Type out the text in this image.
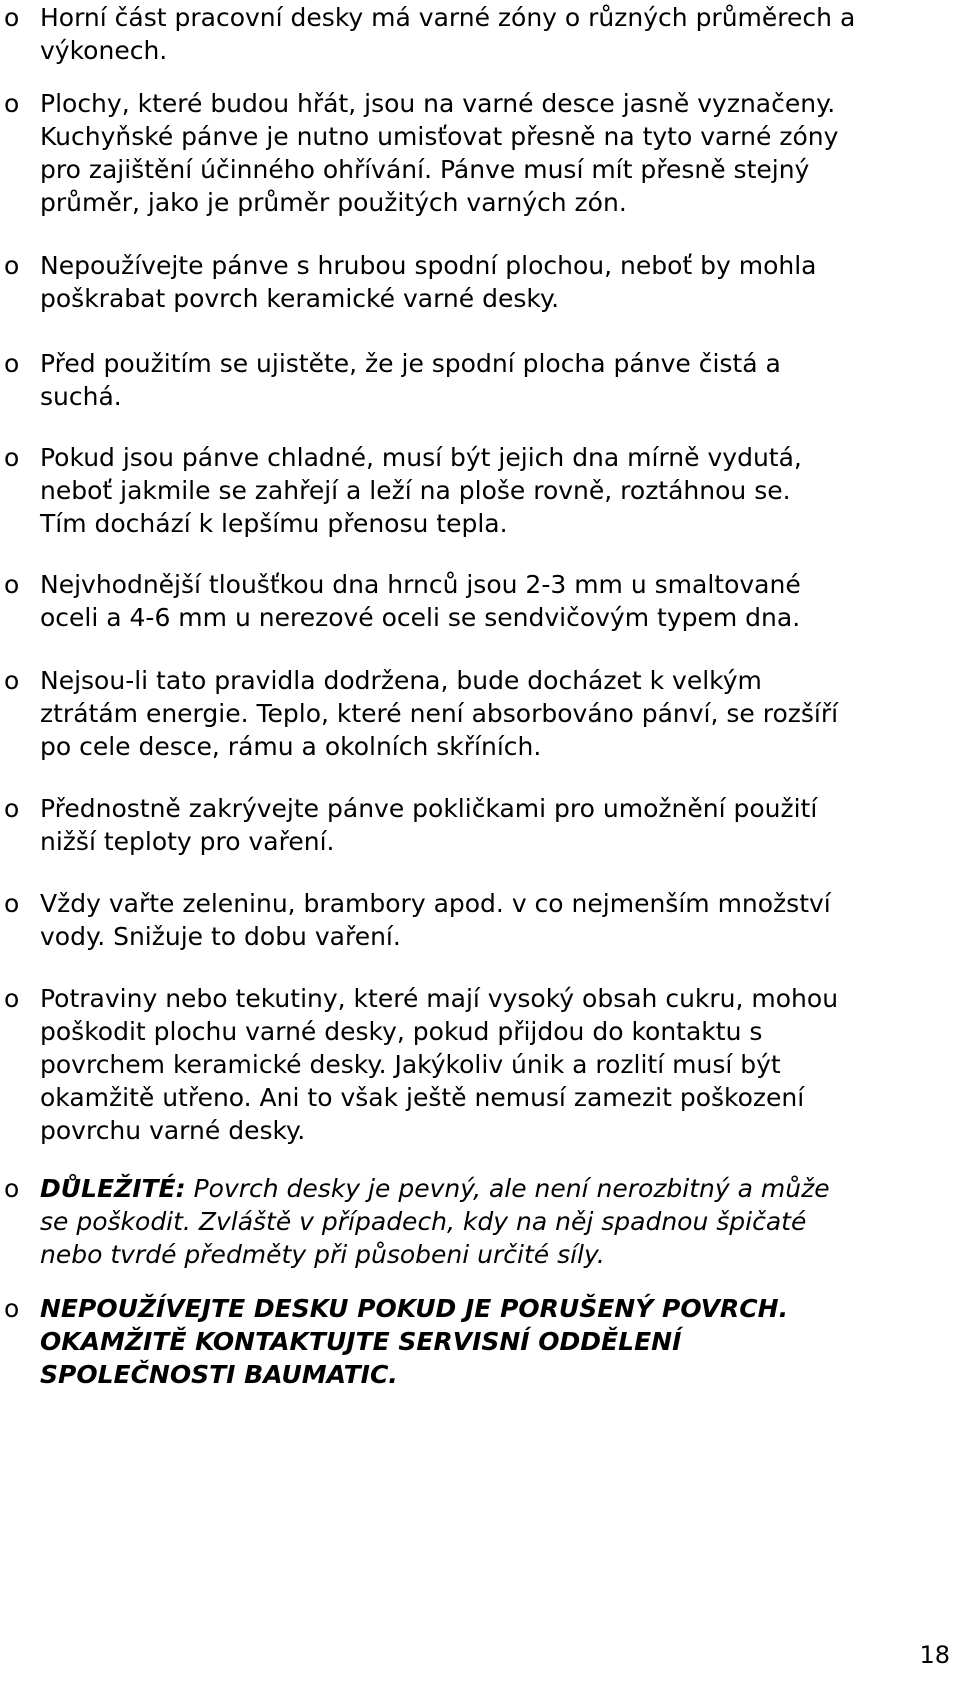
o Horní část pracovní desky má varné zóny o různých průměrech a
výkonech.
o Plochy, které budou hřát, jsou na varné desce jasně vyznačeny.
Kuchyňské pánve je nutno umisťovat přesně na tyto varné zóny
pro zajištění účinného ohřívání. Pánve musí mít přesně stejný
průměr, jako je průměr použitých varných zón.
o Nepoužívejte pánve s hrubou spodní plochou, neboť by mohla
poškrabat povrch keramické varné desky.
o Před použitím se ujistěte, že je spodní plocha pánve čistá a
suchá.
o Pokud jsou pánve chladné, musí být jejich dna mírně vydutá,
neboť jakmile se zahřejí a leží na ploše rovně, roztáhnou se.
Tím dochází k lepšímu přenosu tepla.
o Nejvhodnější tloušťkou dna hrnců jsou 2-3 mm u smaltované
oceli a 4-6 mm u nerezové oceli se sendvičovým typem dna.
o Nejsou-li tato pravidla dodržena, bude docházet k velkým
ztrátám energie. Teplo, které není absorbováno pánví, se rozšíří
po cele desce, rámu a okolních skříních.
o Přednostně zakrývejte pánve pokličkami pro umožnění použití
nižší teploty pro vaření.
o Vždy vařte zeleninu, brambory apod. v co nejmenším množství
vody. Snižuje to dobu vaření.
o Potraviny nebo tekutiny, které mají vysoký obsah cukru, mohou
poškodit plochu varné desky, pokud přijdou do kontaktu s
povrchem keramické desky. Jakýkoliv únik a rozlití musí být
okamžitě utřeno. Ani to však ještě nemusí zamezit poškození
povrchu varné desky.
o DŮLEŽITÉ: Povrch desky je pevný, ale není nerozbitný a může
se poškodit. Zvláště v případech, kdy na něj spadnou špičaté
nebo tvrdé předměty při působeni určité síly.
o NEPOUŽÍVEJTE DESKU POKUD JE PORUŠENÝ POVRCH.
OKAMŽITĚ KONTAKTUJTE SERVISNÍ ODDĚLENÍ
SPOLEČNOSTI BAUMATIC.
18
